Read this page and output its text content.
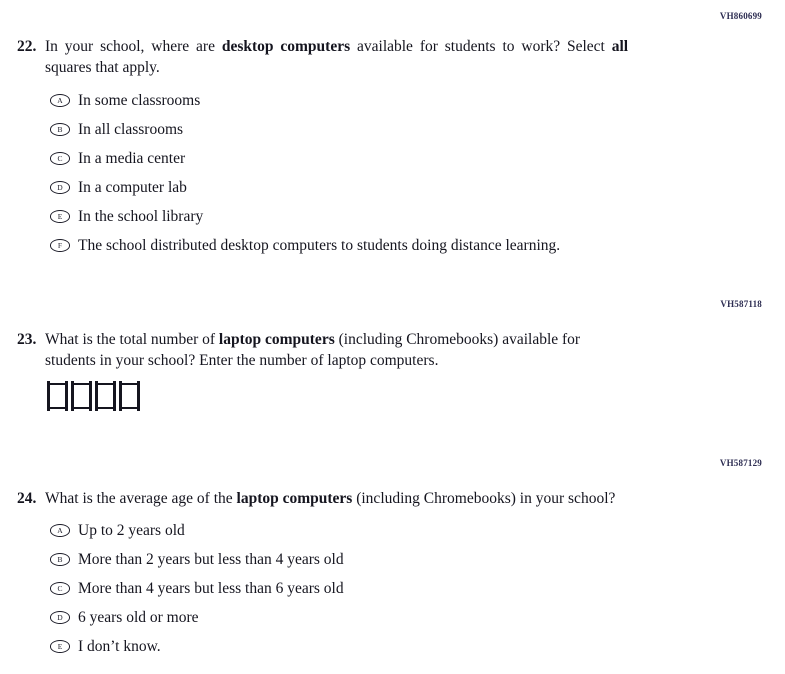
VH860699
22. In your school, where are desktop computers available for students to work? Select all
squares that apply.
A In some classrooms
B	In all classrooms
C	In a media center
D In a computer lab
E	In the school library
F	The school distributed desktop computers to students doing distance learning.
VH587118
23. What is the total number of laptop computers (including Chromebooks) available for
students in your school? Enter the number of laptop computers.
VH587129
24. What is the average age of the laptop computers (including Chromebooks) in your school?
A Up to 2 years old
B	More than 2 years but less than 4 years old
C	More than 4 years but less than 6 years old
D 6 years old or more
E	I don’t know.
